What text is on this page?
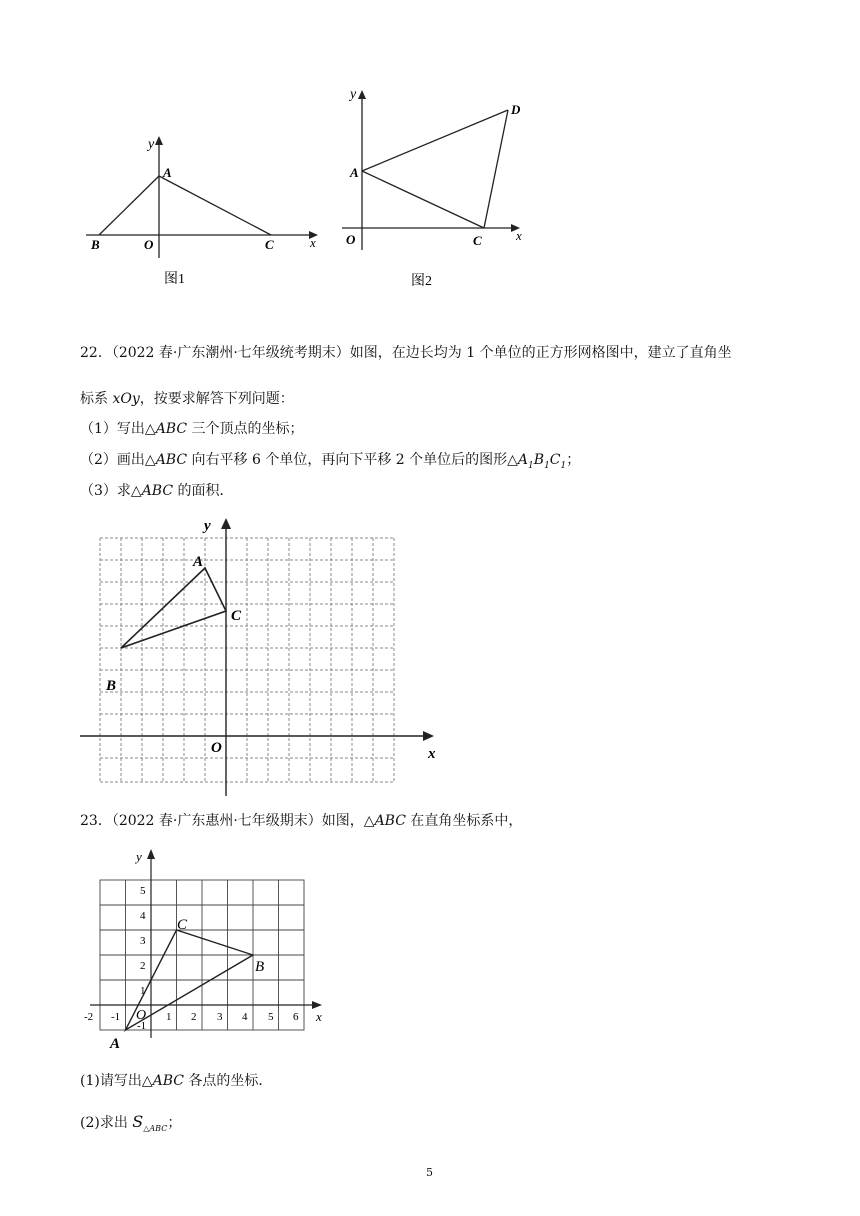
y
A
B	O	C	x
图1
y
D
A
O	C	x
图2
22．（2022 春·广东潮州·七年级统考期末）如图，在边长均为 1 个单位的正方形网格图中，建立了直角坐
标系 xOy，按要求解答下列问题：
（1）写出△ABC 三个顶点的坐标；
（2）画出△ABC 向右平移 6 个单位，再向下平移 2 个单位后的图形$\triangle A_1B_1C_1$；
（3）求△ABC 的面积．
y
A
C
B
O	x
23．（2022 春·广东惠州·七年级期末）如图，△ABC 在直角坐标系中，
y
5
4
3
2
1
-1
-2 -1	1 2 3 4 5 6
O	x
C
B
A
(1)请写出△ABC 各点的坐标．
(2)求出 $S_{\triangle ABC}$；
5
